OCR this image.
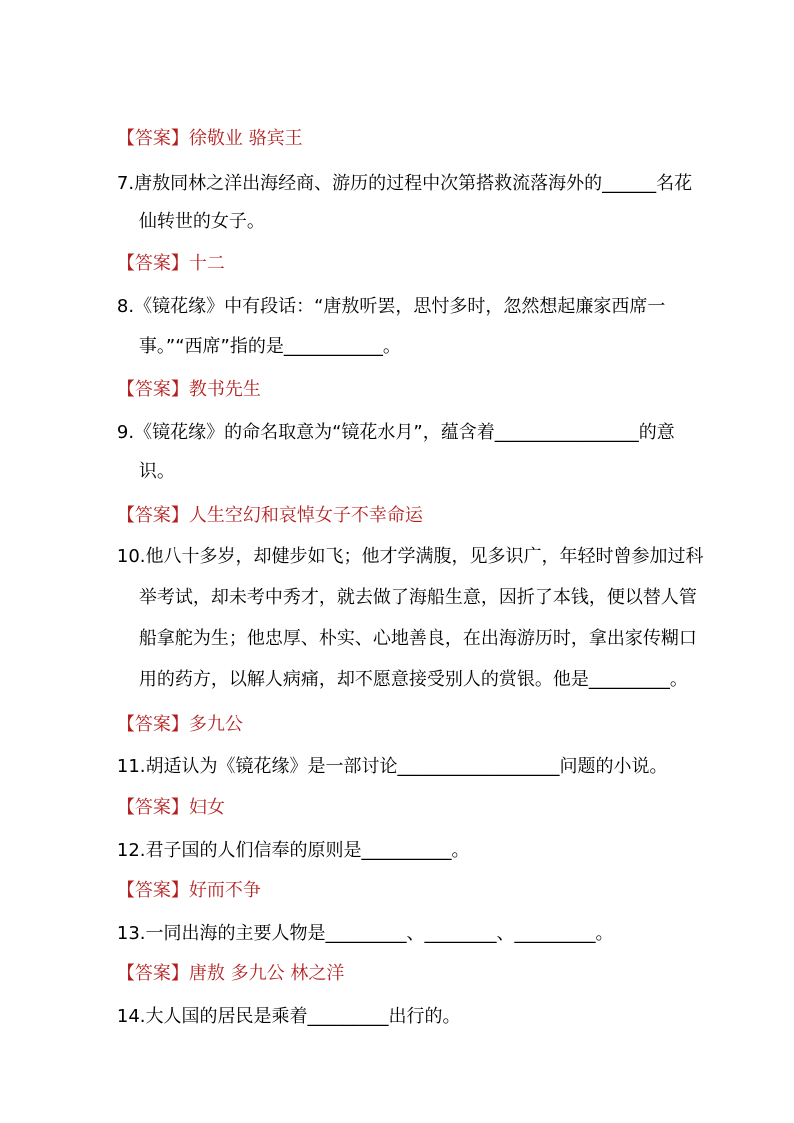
【答案】徐敬业 骆宾王

7.唐敖同林之洋出海经商、游历的过程中次第搭救流落海外的______名花

仙转世的女子。

【答案】十二

8.《镜花缘》中有段话：“唐敖听罢，思忖多时，忽然想起廉家西席一

事。”“西席”指的是___________。

【答案】教书先生

9.《镜花缘》的命名取意为“镜花水月”，蕴含着________________的意

识。

【答案】人生空幻和哀悼女子不幸命运

10.他八十多岁，却健步如飞；他才学满腹，见多识广，年轻时曾参加过科

举考试，却未考中秀才，就去做了海船生意，因折了本钱，便以替人管

船拿舵为生；他忠厚、朴实、心地善良，在出海游历时，拿出家传糊口

用的药方，以解人病痛，却不愿意接受别人的赏银。他是_________。

【答案】多九公

11.胡适认为《镜花缘》是一部讨论__________________问题的小说。

【答案】妇女

12.君子国的人们信奉的原则是__________。

【答案】好而不争

13.一同出海的主要人物是_________、________、_________。

【答案】唐敖 多九公 林之洋

14.大人国的居民是乘着_________出行的。
